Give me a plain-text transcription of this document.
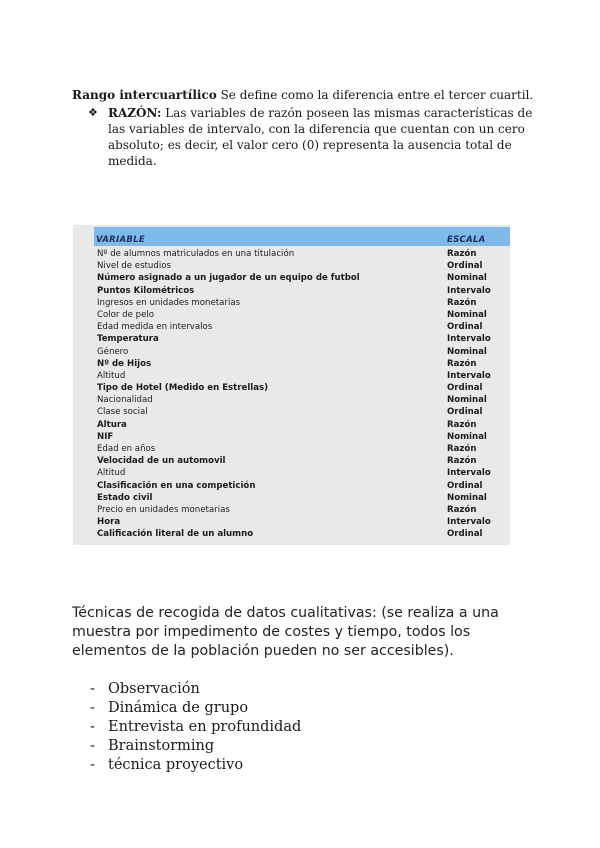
Rango intercuartílico Se define como la diferencia entre el tercer cuartil.
❖ RAZÓN: Las variables de razón poseen las mismas características de las variables de intervalo, con la diferencia que cuentan con un cero absoluto; es decir, el valor cero (0) representa la ausencia total de medida.
VARIABLE	ESCALA
Nº de alumnos matriculados en una titulación	Razón
Nivel de estudios	Ordinal
Número asignado a un jugador de un equipo de futbol	Nominal
Puntos Kilométricos	Intervalo
Ingresos en unidades monetarias	Razón
Color de pelo	Nominal
Edad medida en intervalos	Ordinal
Temperatura	Intervalo
Género	Nominal
Nº de Hijos	Razón
Altitud	Intervalo
Tipo de Hotel (Medido en Estrellas)	Ordinal
Nacionalidad	Nominal
Clase social	Ordinal
Altura	Razón
NIF	Nominal
Edad en años	Razón
Velocidad de un automovil	Razón
Altitud	Intervalo
Clasificación en una competición	Ordinal
Estado civil	Nominal
Precio en unidades monetarias	Razón
Hora	Intervalo
Calificación literal de un alumno	Ordinal
Técnicas de recogida de datos cualitativas: (se realiza a una muestra por impedimento de costes y tiempo, todos los elementos de la población pueden no ser accesibles).
- Observación
- Dinámica de grupo
- Entrevista en profundidad
- Brainstorming
- técnica proyectivo
